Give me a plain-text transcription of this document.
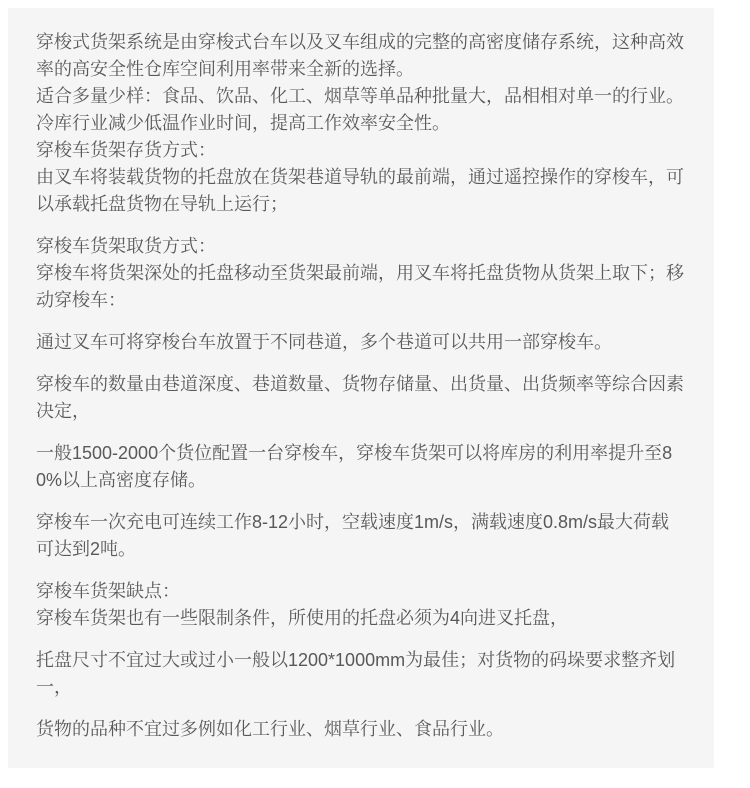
穿梭式货架系统是由穿梭式台车以及叉车组成的完整的高密度储存系统，这种高效率的高安全性仓库空间利用率带来全新的选择。

适合多量少样：食品、饮品、化工、烟草等单品种批量大，品相相对单一的行业。

冷库行业减少低温作业时间，提高工作效率安全性。

穿梭车货架存货方式：

由叉车将装载货物的托盘放在货架巷道导轨的最前端，通过遥控操作的穿梭车，可以承载托盘货物在导轨上运行；

穿梭车货架取货方式：

穿梭车将货架深处的托盘移动至货架最前端，用叉车将托盘货物从货架上取下；移动穿梭车：

通过叉车可将穿梭台车放置于不同巷道，多个巷道可以共用一部穿梭车。

穿梭车的数量由巷道深度、巷道数量、货物存储量、出货量、出货频率等综合因素决定，

一般1500-2000个货位配置一台穿梭车，穿梭车货架可以将库房的利用率提升至80%以上高密度存储。

穿梭车一次充电可连续工作8-12小时，空载速度1m/s，满载速度0.8m/s最大荷载可达到2吨。

穿梭车货架缺点：

穿梭车货架也有一些限制条件，所使用的托盘必须为4向进叉托盘，

托盘尺寸不宜过大或过小一般以1200*1000mm为最佳；对货物的码垛要求整齐划一，

货物的品种不宜过多例如化工行业、烟草行业、食品行业。
